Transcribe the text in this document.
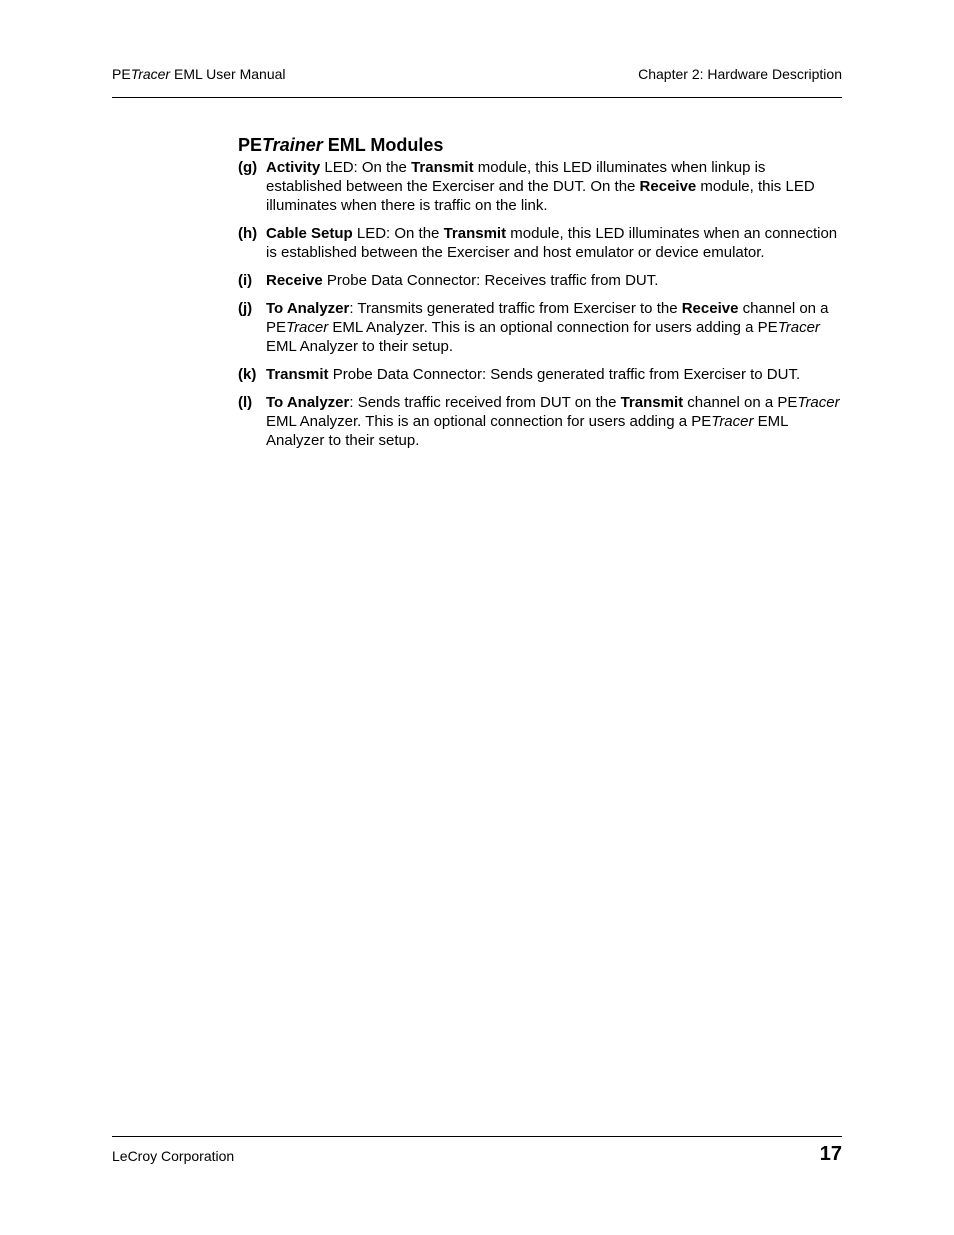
PETracer EML User Manual	Chapter 2: Hardware Description
PETrainer EML Modules
(g) Activity LED: On the Transmit module, this LED illuminates when linkup is established between the Exerciser and the DUT. On the Receive module, this LED illuminates when there is traffic on the link.
(h) Cable Setup LED: On the Transmit module, this LED illuminates when an connection is established between the Exerciser and host emulator or device emulator.
(i) Receive Probe Data Connector: Receives traffic from DUT.
(j) To Analyzer: Transmits generated traffic from Exerciser to the Receive channel on a PETracer EML Analyzer. This is an optional connection for users adding a PETracer EML Analyzer to their setup.
(k) Transmit Probe Data Connector: Sends generated traffic from Exerciser to DUT.
(l) To Analyzer: Sends traffic received from DUT on the Transmit channel on a PETracer EML Analyzer. This is an optional connection for users adding a PETracer EML Analyzer to their setup.
LeCroy Corporation	17
